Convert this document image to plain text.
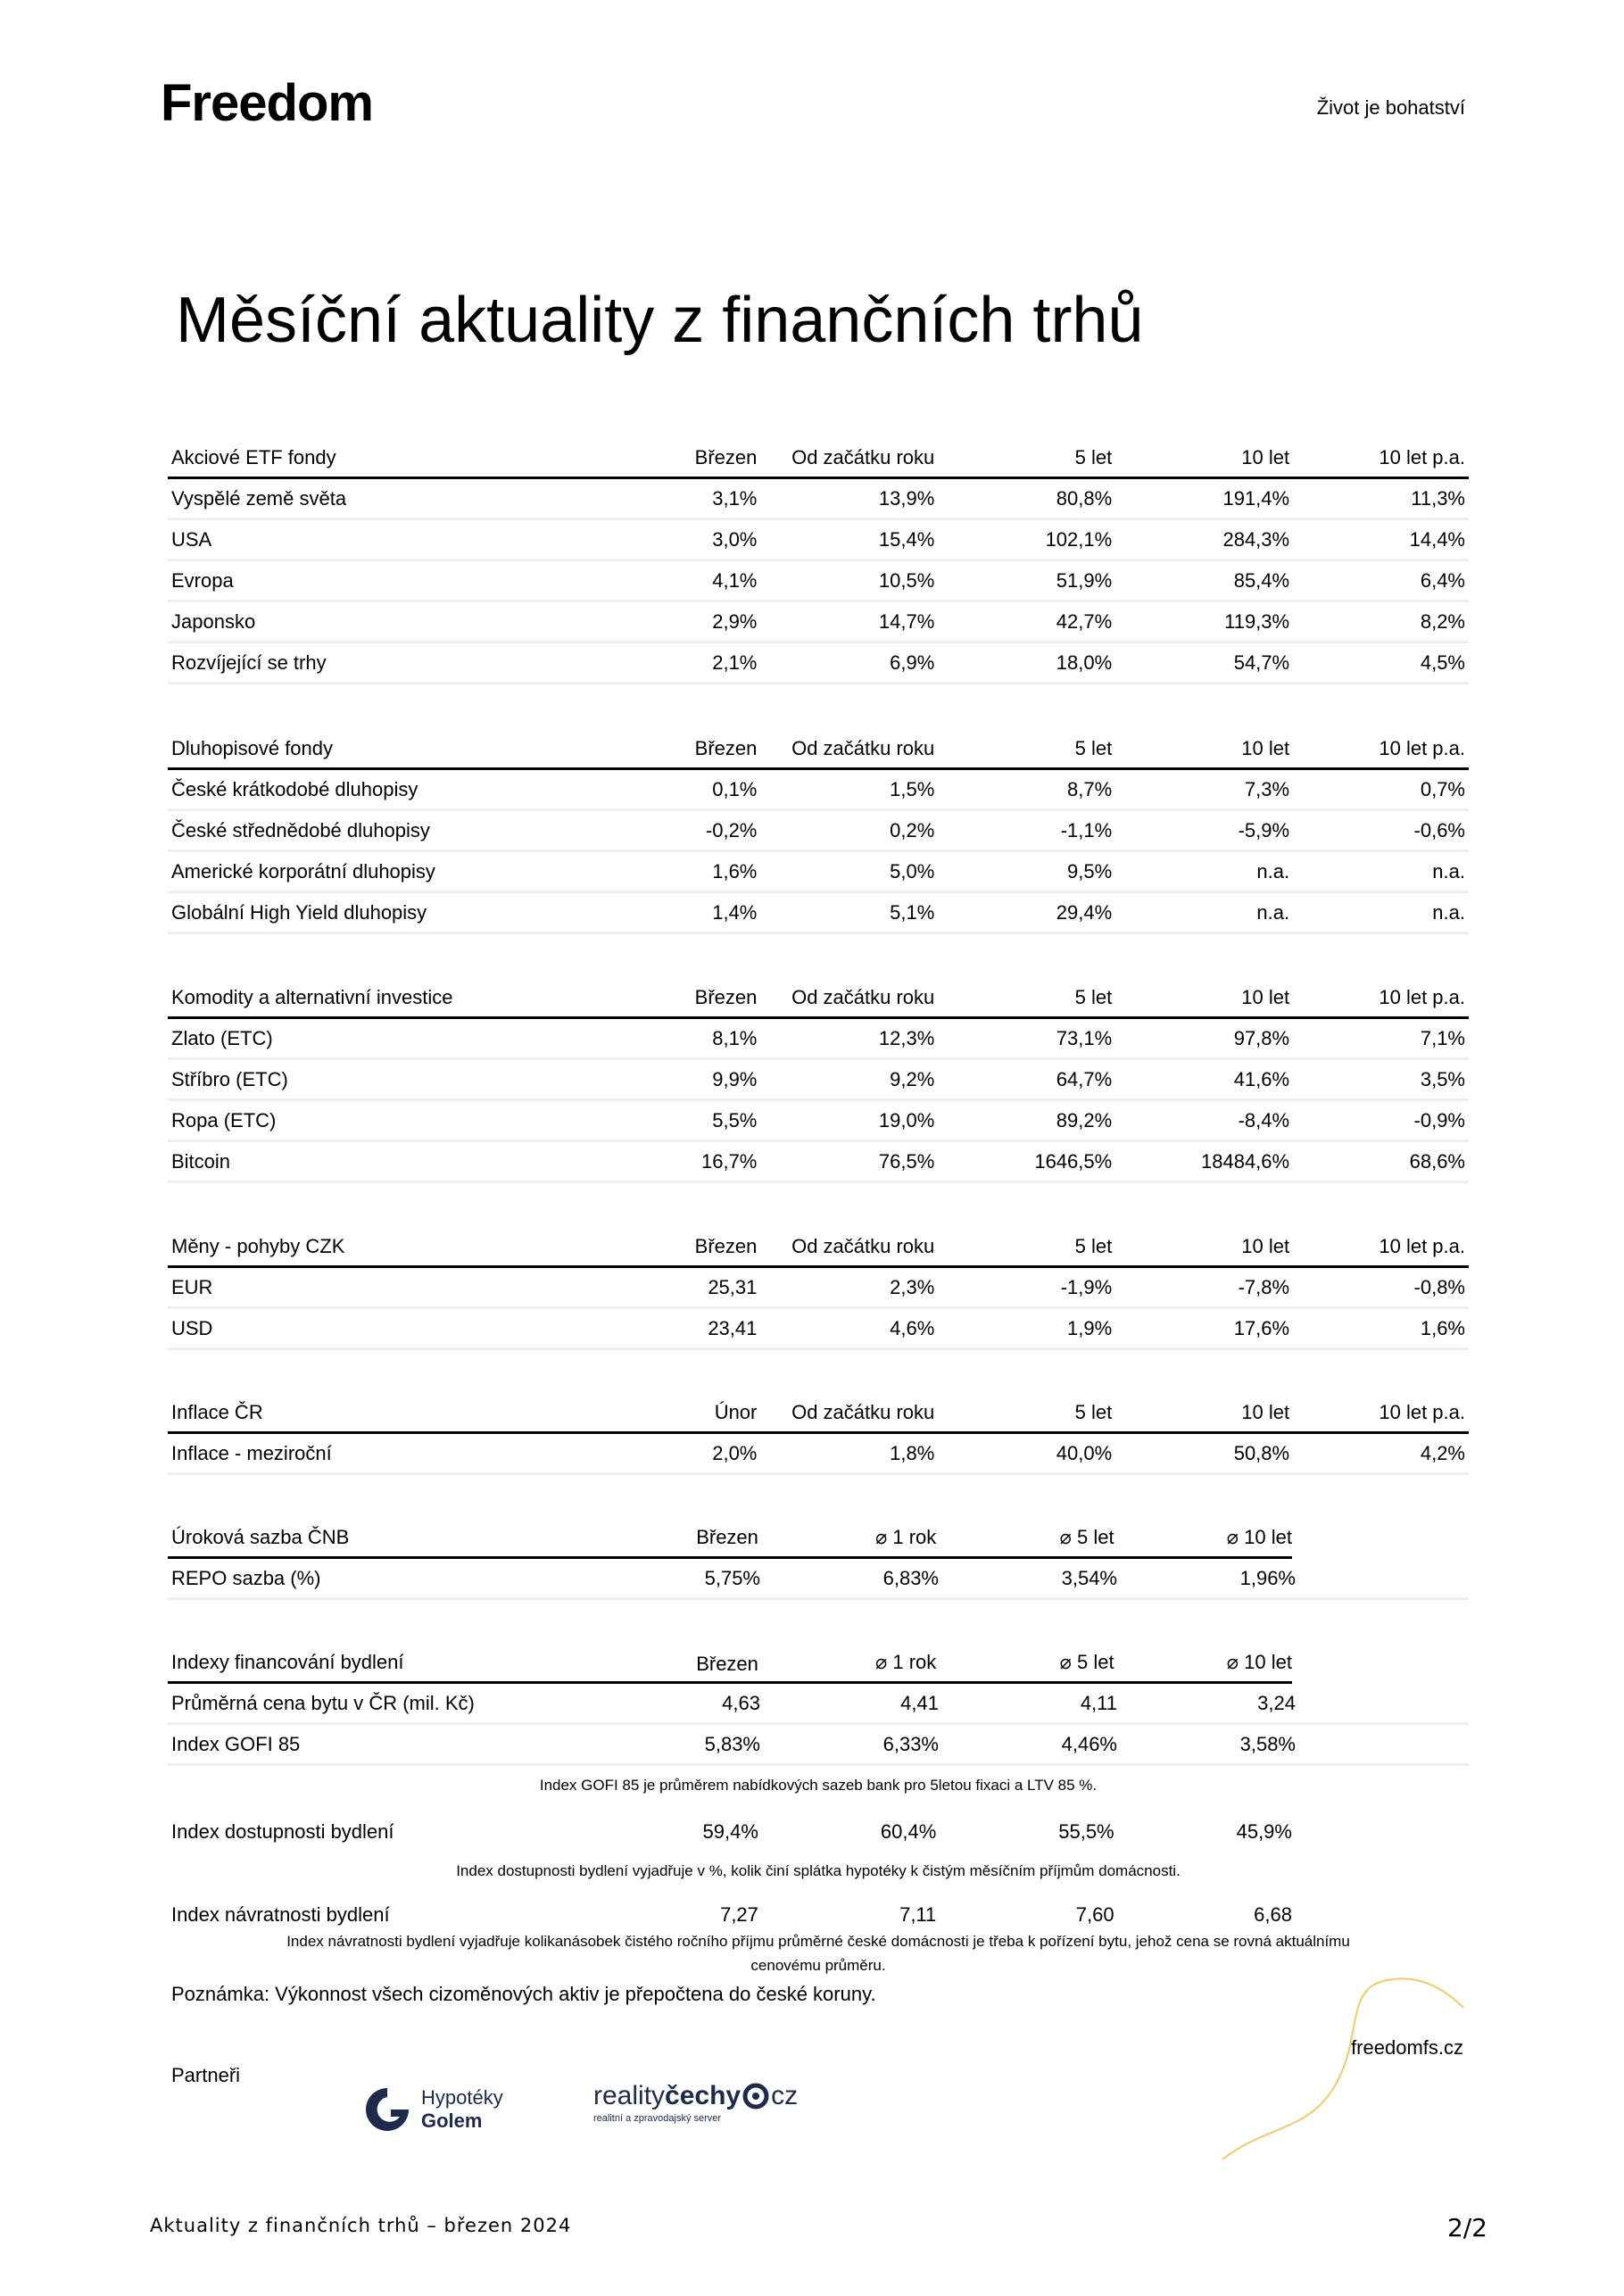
Freedom	Život je bohatství
Měsíční aktuality z finančních trhů
Akciové ETF fondy	Březen	Od začátku roku	5 let	10 let	10 let p.a.
Vyspělé země světa	3,1%	13,9%	80,8%	191,4%	11,3%
USA	3,0%	15,4%	102,1%	284,3%	14,4%
Evropa	4,1%	10,5%	51,9%	85,4%	6,4%
Japonsko	2,9%	14,7%	42,7%	119,3%	8,2%
Rozvíjející se trhy	2,1%	6,9%	18,0%	54,7%	4,5%
Dluhopisové fondy	Březen	Od začátku roku	5 let	10 let	10 let p.a.
České krátkodobé dluhopisy	0,1%	1,5%	8,7%	7,3%	0,7%
České střednědobé dluhopisy	-0,2%	0,2%	-1,1%	-5,9%	-0,6%
Americké korporátní dluhopisy	1,6%	5,0%	9,5%	n.a.	n.a.
Globální High Yield dluhopisy	1,4%	5,1%	29,4%	n.a.	n.a.
Komodity a alternativní investice	Březen	Od začátku roku	5 let	10 let	10 let p.a.
Zlato (ETC)	8,1%	12,3%	73,1%	97,8%	7,1%
Stříbro (ETC)	9,9%	9,2%	64,7%	41,6%	3,5%
Ropa (ETC)	5,5%	19,0%	89,2%	-8,4%	-0,9%
Bitcoin	16,7%	76,5%	1646,5%	18484,6%	68,6%
Měny - pohyby CZK	Březen	Od začátku roku	5 let	10 let	10 let p.a.
EUR	25,31	2,3%	-1,9%	-7,8%	-0,8%
USD	23,41	4,6%	1,9%	17,6%	1,6%
Inflace ČR	Únor	Od začátku roku	5 let	10 let	10 let p.a.
Inflace - meziroční	2,0%	1,8%	40,0%	50,8%	4,2%
Úroková sazba ČNB	Březen	⌀ 1 rok	⌀ 5 let	⌀ 10 let
REPO sazba (%)	5,75%	6,83%	3,54%	1,96%
Indexy financování bydlení	Březen	⌀ 1 rok	⌀ 5 let	⌀ 10 let
Průměrná cena bytu v ČR (mil. Kč)	4,63	4,41	4,11	3,24
Index GOFI 85	5,83%	6,33%	4,46%	3,58%
Index GOFI 85 je průměrem nabídkových sazeb bank pro 5letou fixaci a LTV 85 %.
Index dostupnosti bydlení	59,4%	60,4%	55,5%	45,9%
Index dostupnosti bydlení vyjadřuje v %, kolik činí splátka hypotéky k čistým měsíčním příjmům domácnosti.
Index návratnosti bydlení	7,27	7,11	7,60	6,68
Index návratnosti bydlení vyjadřuje kolikanásobek čistého ročního příjmu průměrné české domácnosti je třeba k pořízení bytu, jehož cena se rovná aktuálnímu
cenovému průměru.
Poznámka: Výkonnost všech cizoměnových aktiv je přepočtena do české koruny.
freedomfs.cz
Partneři
Hypotéky
Golem
reality čechy cz
realitní a zpravodajský server
Aktuality z finančních trhů – březen 2024	2/2
